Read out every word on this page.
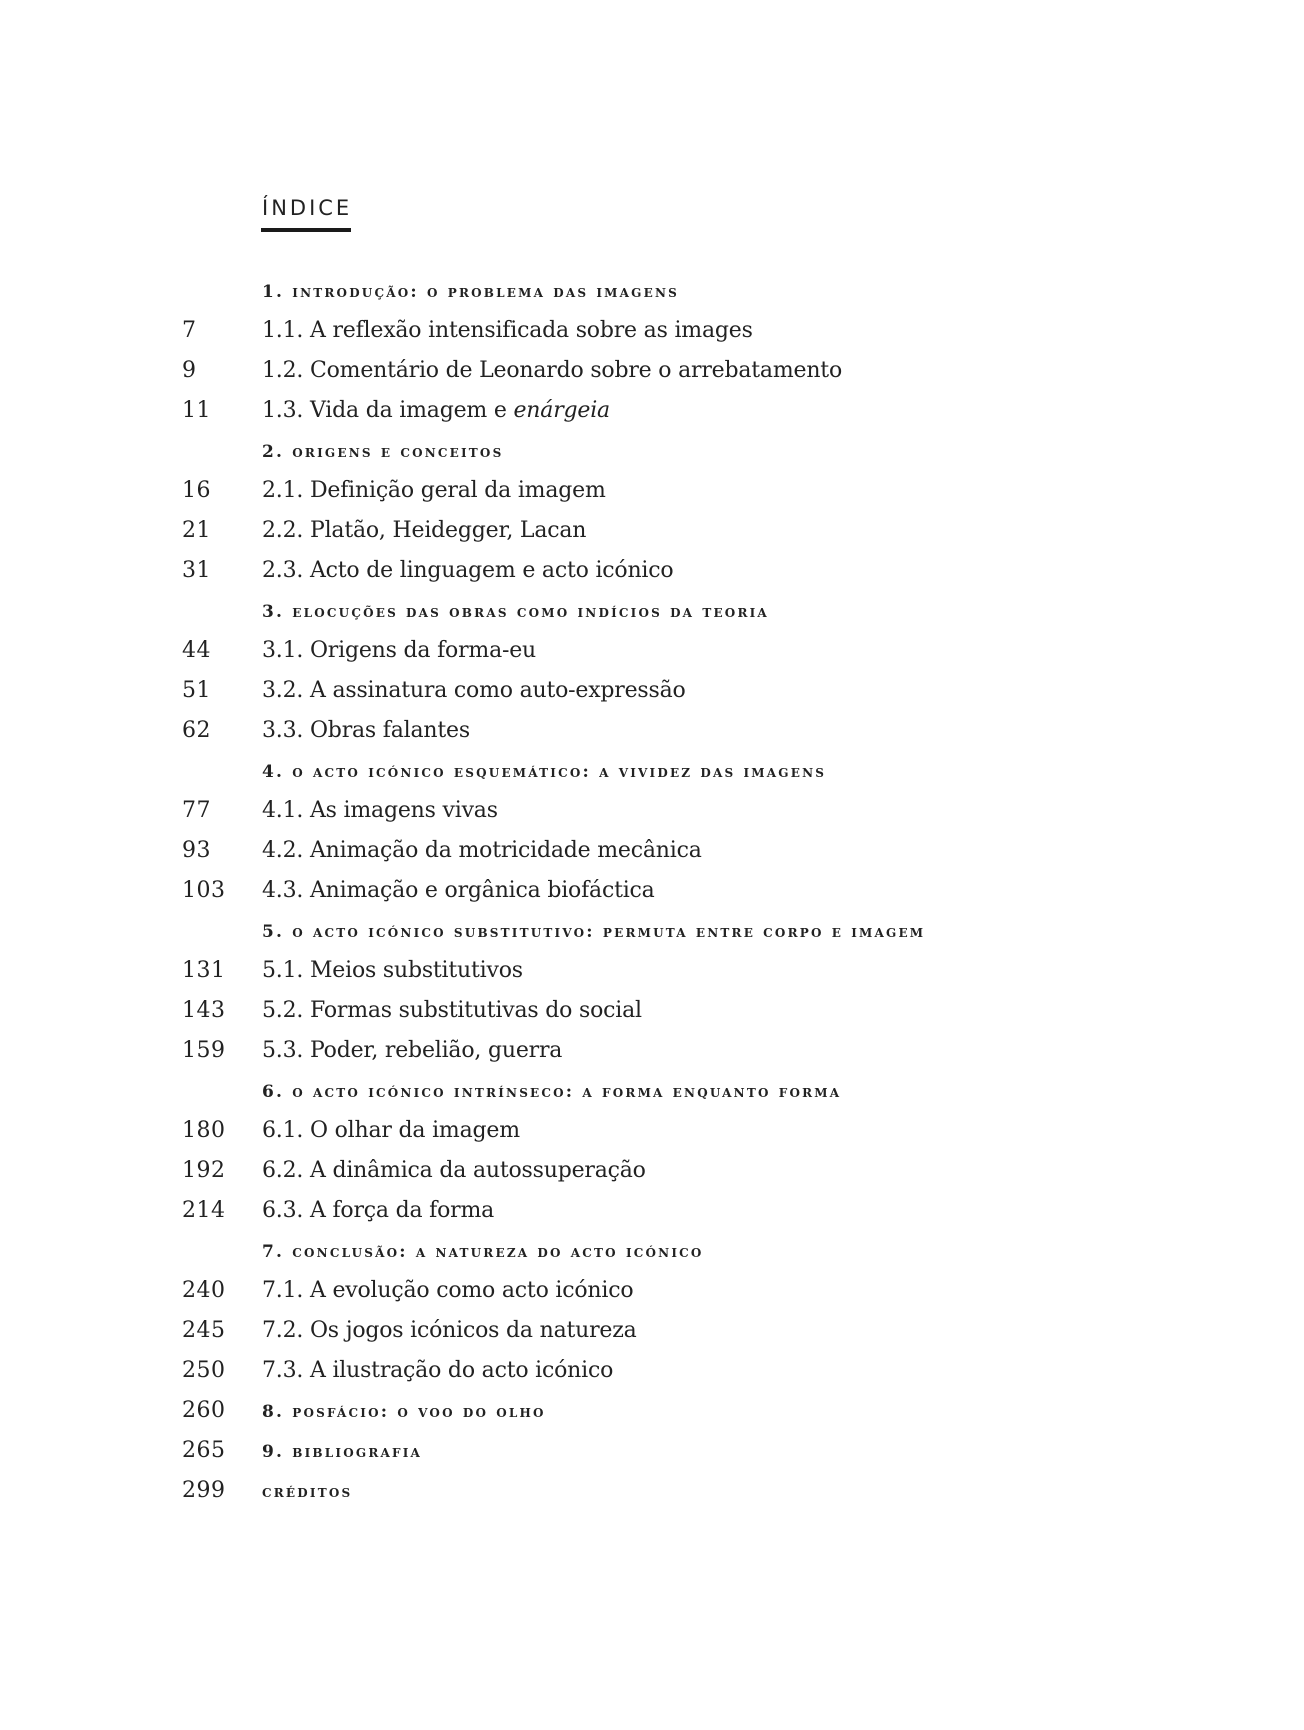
ÍNDICE
1. introdução: o problema das imagens
7	1.1. A reflexão intensificada sobre as images
9	1.2. Comentário de Leonardo sobre o arrebatamento
11 1.3. Vida da imagem e enárgeia
2. origens e conceitos
16 2.1. Definição geral da imagem
21 2.2. Platão, Heidegger, Lacan
31 2.3. Acto de linguagem e acto icónico
3. elocuções das obras como indícios da teoria
44 3.1. Origens da forma-eu
51 3.2. A assinatura como auto-expressão
62 3.3. Obras falantes
4. o acto icónico esquemático: a vividez das imagens
77 4.1. As imagens vivas
93 4.2. Animação da motricidade mecânica
103 4.3. Animação e orgânica biofáctica
5. o acto icónico substitutivo: permuta entre corpo e imagem
131 5.1. Meios substitutivos
143 5.2. Formas substitutivas do social
159 5.3. Poder, rebelião, guerra
6. o acto icónico intrínseco: a forma enquanto forma
180 6.1. O olhar da imagem
192 6.2. A dinâmica da autossuperação
214 6.3. A força da forma
7. conclusão: a natureza do acto icónico
240 7.1. A evolução como acto icónico
245 7.2. Os jogos icónicos da natureza
250 7.3. A ilustração do acto icónico
260 8. posfácio: o voo do olho
265 9. bibliografia
299 créditos
